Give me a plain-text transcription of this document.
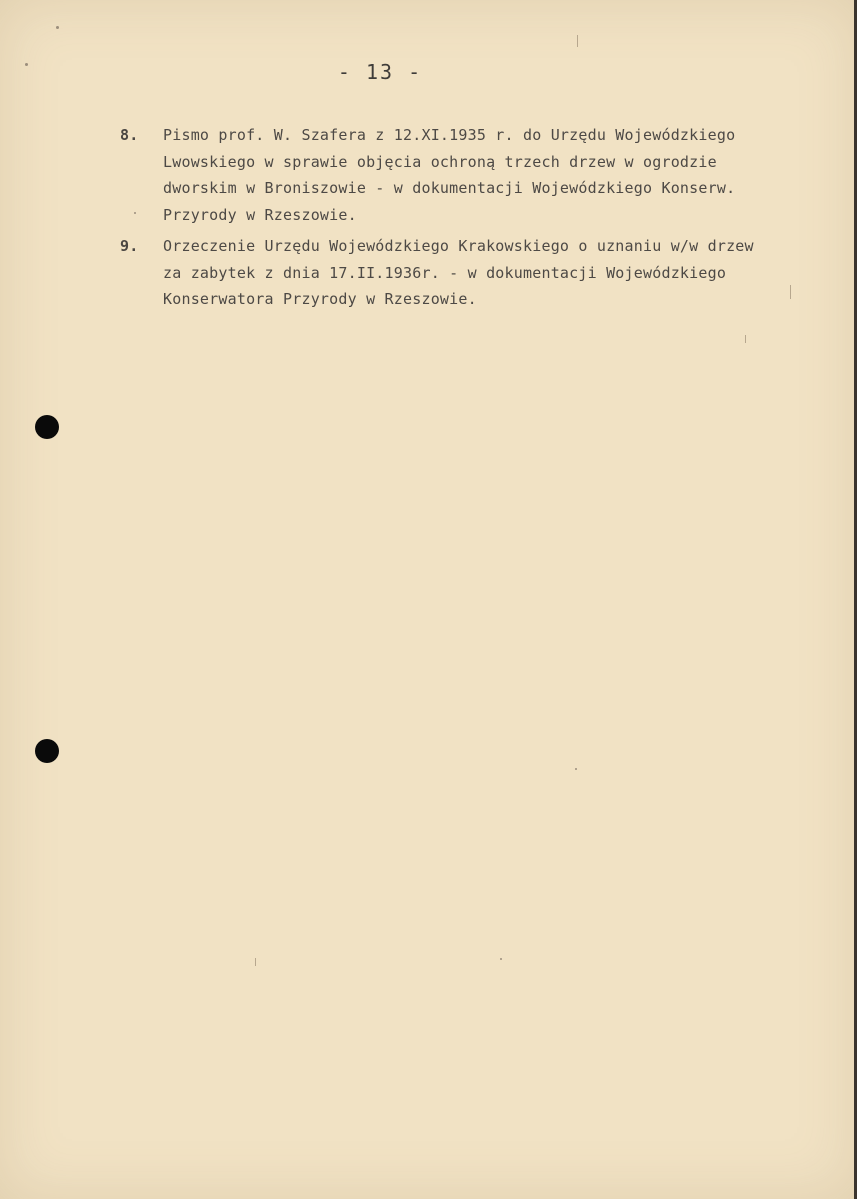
- 13 -
8.	Pismo prof. W. Szafera z 12.XI.1935 r. do Urzędu Wojewódzkiego
Lwowskiego w sprawie objęcia ochroną trzech drzew w ogrodzie
dworskim w Broniszowie - w dokumentacji Wojewódzkiego Konserw.
Przyrody w Rzeszowie.
9.	Orzeczenie Urzędu Wojewódzkiego Krakowskiego o uznaniu w/w drzew
za zabytek z dnia 17.II.1936r. - w dokumentacji Wojewódzkiego
Konserwatora Przyrody w Rzeszowie.
